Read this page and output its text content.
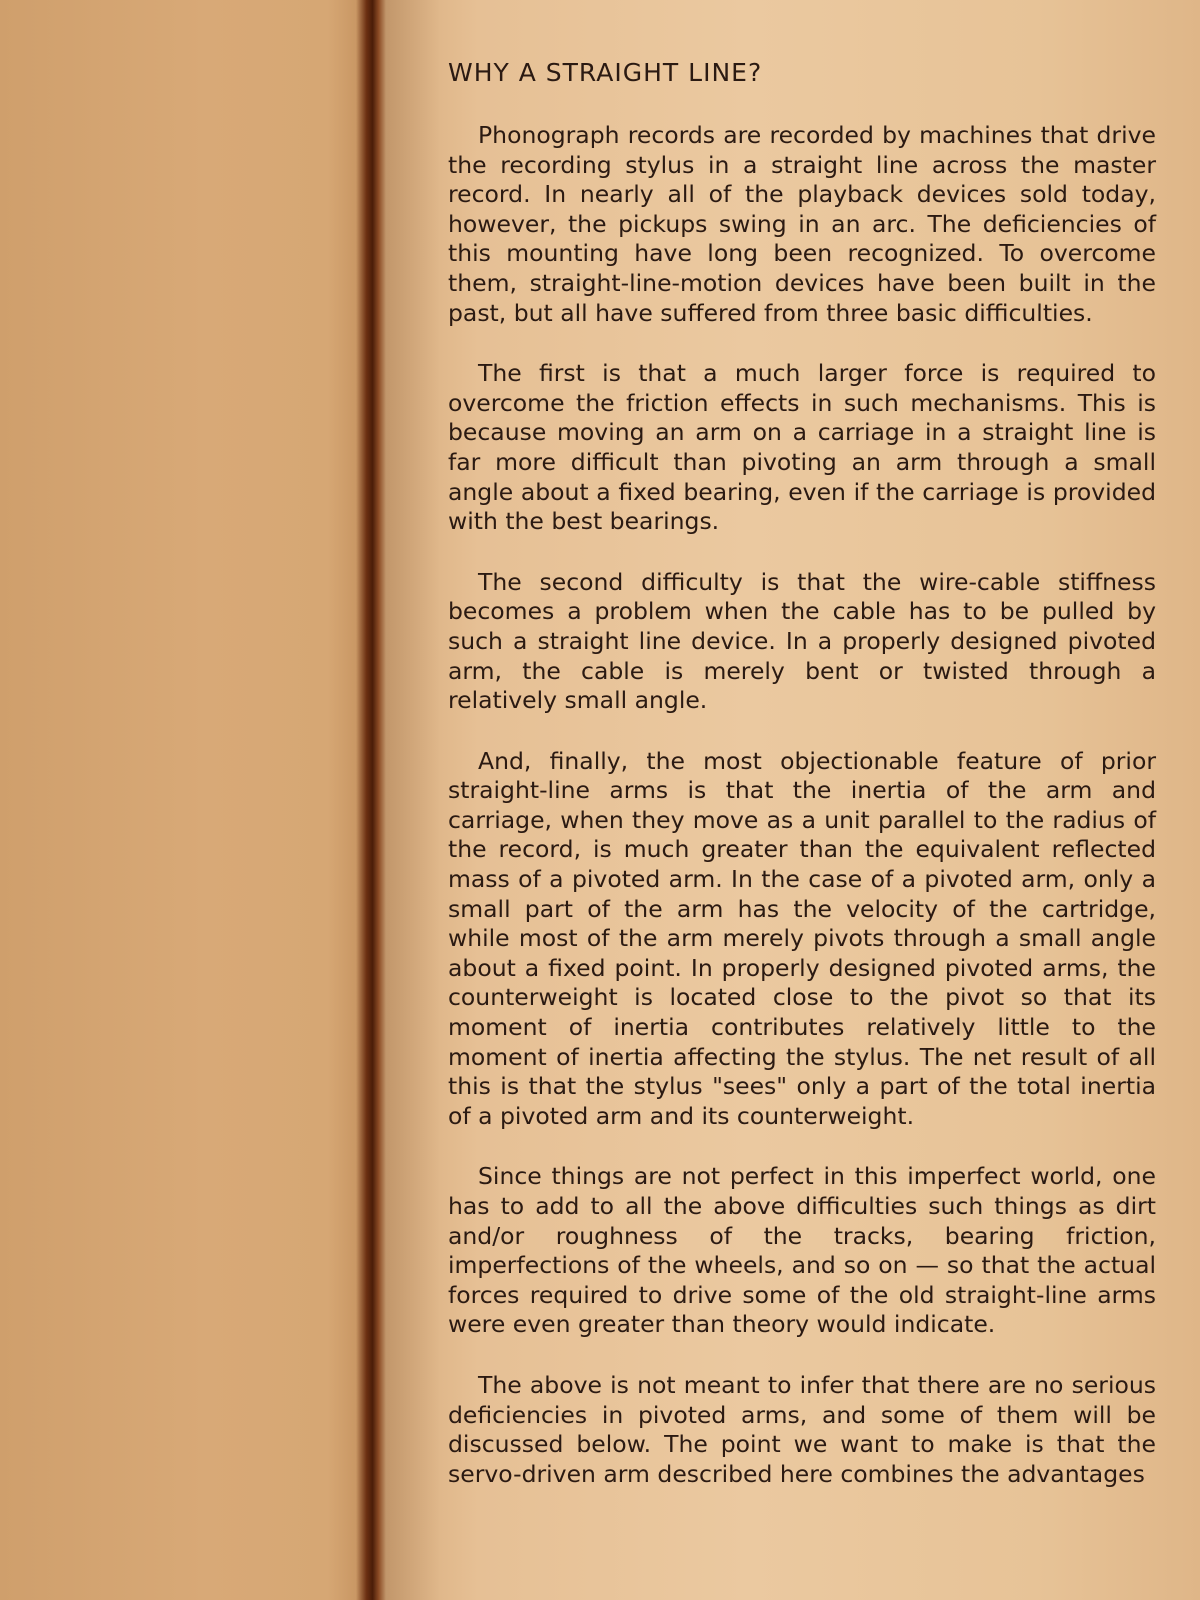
WHY A STRAIGHT LINE?

Phonograph records are recorded by machines that drive the recording stylus in a straight line across the master record. In nearly all of the playback devices sold today, however, the pickups swing in an arc. The deficiencies of this mounting have long been recognized. To overcome them, straight-line-motion devices have been built in the past, but all have suffered from three basic difficulties.

The first is that a much larger force is required to overcome the friction effects in such mechanisms. This is because moving an arm on a carriage in a straight line is far more difficult than pivoting an arm through a small angle about a fixed bearing, even if the carriage is provided with the best bearings.

The second difficulty is that the wire-cable stiffness becomes a problem when the cable has to be pulled by such a straight line device. In a properly designed pivoted arm, the cable is merely bent or twisted through a relatively small angle.

And, finally, the most objectionable feature of prior straight-line arms is that the inertia of the arm and carriage, when they move as a unit parallel to the radius of the record, is much greater than the equivalent reflected mass of a pivoted arm. In the case of a pivoted arm, only a small part of the arm has the velocity of the cartridge, while most of the arm merely pivots through a small angle about a fixed point. In properly designed pivoted arms, the counterweight is located close to the pivot so that its moment of inertia contributes relatively little to the moment of inertia affecting the stylus. The net result of all this is that the stylus "sees" only a part of the total inertia of a pivoted arm and its counterweight.

Since things are not perfect in this imperfect world, one has to add to all the above difficulties such things as dirt and/or roughness of the tracks, bearing friction, imperfections of the wheels, and so on — so that the actual forces required to drive some of the old straight-line arms were even greater than theory would indicate.

The above is not meant to infer that there are no serious deficiencies in pivoted arms, and some of them will be discussed below. The point we want to make is that the servo-driven arm described here combines the advantages
